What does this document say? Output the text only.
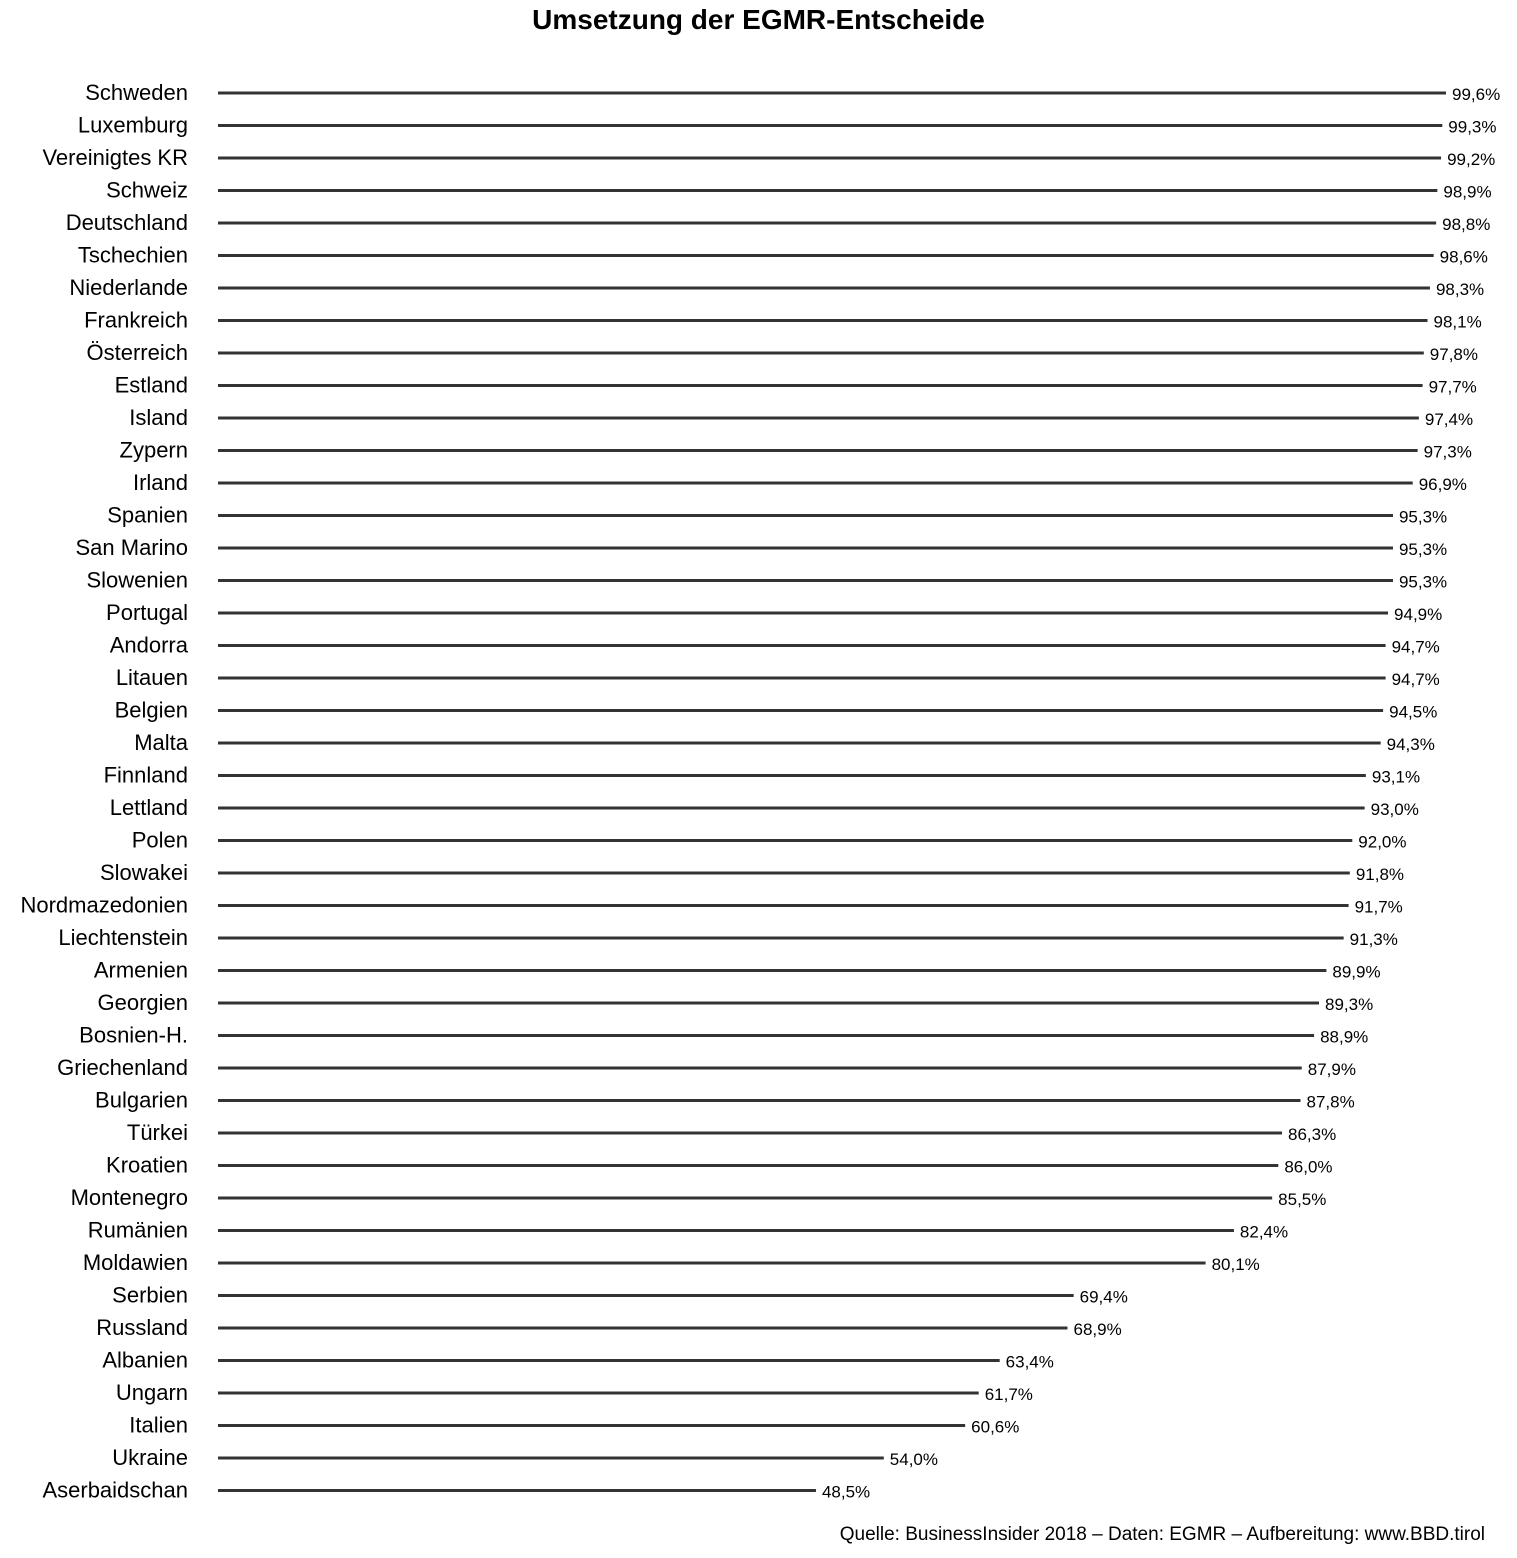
Umsetzung der EGMR-Entscheide
Schweden	99,6%
Luxemburg	99,3%
Vereinigtes KR	99,2%
Schweiz	98,9%
Deutschland	98,8%
Tschechien	98,6%
Niederlande	98,3%
Frankreich	98,1%
Österreich	97,8%
Estland	97,7%
Island	97,4%
Zypern	97,3%
Irland	96,9%
Spanien	95,3%
San Marino	95,3%
Slowenien	95,3%
Portugal	94,9%
Andorra	94,7%
Litauen	94,7%
Belgien	94,5%
Malta	94,3%
Finnland	93,1%
Lettland	93,0%
Polen	92,0%
Slowakei	91,8%
Nordmazedonien	91,7%
Liechtenstein	91,3%
Armenien	89,9%
Georgien	89,3%
Bosnien-H.	88,9%
Griechenland	87,9%
Bulgarien	87,8%
Türkei	86,3%
Kroatien	86,0%
Montenegro	85,5%
Rumänien	82,4%
Moldawien	80,1%
Serbien	69,4%
Russland	68,9%
Albanien	63,4%
Ungarn	61,7%
Italien	60,6%
Ukraine	54,0%
Aserbaidschan	48,5%
Quelle: BusinessInsider 2018 – Daten: EGMR – Aufbereitung: www.BBD.tirol
